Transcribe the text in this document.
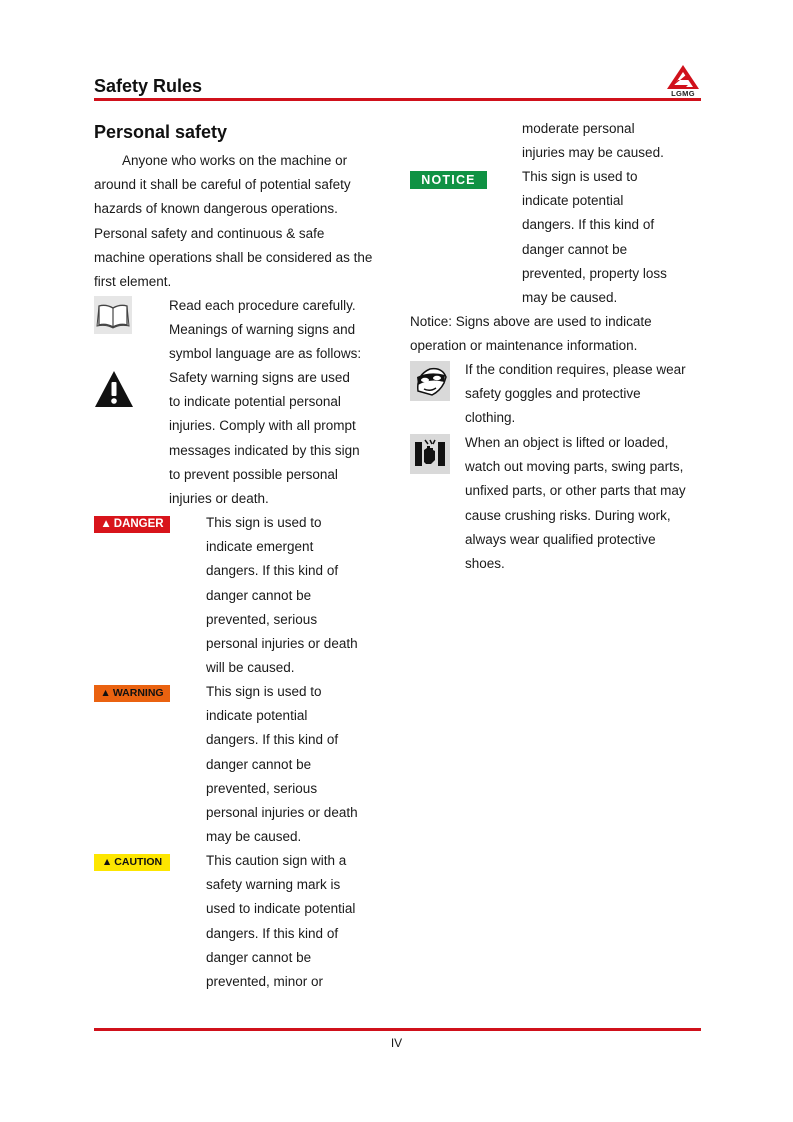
Safety Rules	LGMG
Personal safety
Anyone who works on the machine or
around it shall be careful of potential safety
hazards of known dangerous operations.
Personal safety and continuous & safe
machine operations shall be considered as the
first element.
Read each procedure carefully.
Meanings of warning signs and
symbol language are as follows:
Safety warning signs are used
to indicate potential personal
injuries. Comply with all prompt
messages indicated by this sign
to prevent possible personal
injuries or death.
▲ DANGER	This sign is used to
indicate emergent
dangers. If this kind of
danger cannot be
prevented, serious
personal injuries or death
will be caused.
▲ WARNING	This sign is used to
indicate potential
dangers. If this kind of
danger cannot be
prevented, serious
personal injuries or death
may be caused.
▲ CAUTION	This caution sign with a
safety warning mark is
used to indicate potential
dangers. If this kind of
danger cannot be
prevented, minor or
moderate personal
injuries may be caused.
NOTICE	This sign is used to
indicate potential
dangers. If this kind of
danger cannot be
prevented, property loss
may be caused.
Notice: Signs above are used to indicate
operation or maintenance information.
If the condition requires, please wear
safety goggles and protective
clothing.
When an object is lifted or loaded,
watch out moving parts, swing parts,
unfixed parts, or other parts that may
cause crushing risks. During work,
always wear qualified protective
shoes.
IV
